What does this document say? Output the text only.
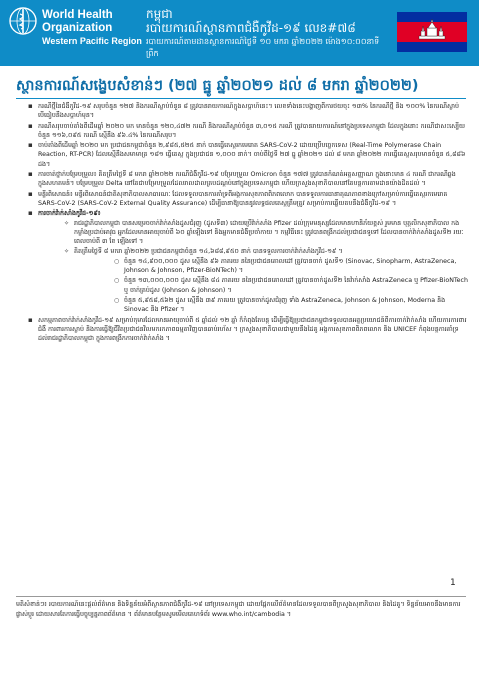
World Health
Organization
Western Pacific Region
កម្ពុជា
របាយការណ៍ស្ថានភាពជំងឺកូវីដ-១៩ លេខ#៧៨
របាយការណ៍តាមដានស្ថានការណ៍ថ្ងៃទី ១០ មករា ឆ្នាំ២០២២ ម៉ោង១០:០០នាទីព្រឹក
ស្ថានការណ៍សង្ខេបសំខាន់ៗ (២៧ ធ្នូ ឆ្នាំ២០២១ ដល់ ៨ មករា ឆ្នាំ២០២២)
▪ ករណីថ្មីនៃជំងឺកូវីដ-១៩ សរុបចំនួន ១២៧ និងករណីស្លាប់ចំនួន ៨ ត្រូវបានរាយការណ៍ក្នុងសប្តាហ៍នេះ។ លេខទាំងនេះបង្ហាញពីការថយចុះ ១៣% នៃករណីថ្មី និង ១០០% នៃករណីស្លាប់ បើធៀបនឹងសប្តាហ៍មុន។
▪ ករណីសរុបចាប់តាំងពីដើមឆ្នាំ ២០២០ មក មានចំនួន ១២០,៤៧២ ករណី និងករណីស្លាប់ចំនួន ៣,០១៥ ករណី ត្រូវបានរាយការណ៍នៅក្នុងប្រទេសកម្ពុជា ដែលក្នុងនោះ ករណីជាសះស្បើយចំនួន ១១៦,០៩៥ ករណី ស្មើនឹង ៩៦.៤% នៃករណីសរុប។
▪ ចាប់តាំងពីដើមឆ្នាំ ២០២០ មក ប្រជាជនកម្ពុជាចំនួន ២,៩៨៥,៥២៥ នាក់ បានធ្វើតេស្តរកមេរោគ SARS-CoV-2 ដោយប្រើបច្ចេកទេស (Real-Time Polymerase Chain Reaction, RT-PCR) ដែលស្មើនឹងសមាមាត្រ ១៨១ ធ្វើតេស្ត ក្នុងប្រជាជន ១,០០០ នាក់។ ចាប់ពីថ្ងៃទី ២៧ ធ្នូ ឆ្នាំ២០២១ ដល់ ៨ មករា ឆ្នាំ២០២២ ការធ្វើតេស្តសរុបមានចំនួន ៥,៨៨៦ ដង។
▪ ការចាត់ថ្នាក់បម្រែបម្រួល៖ គិតត្រឹមថ្ងៃទី ៨ មករា ឆ្នាំ២០២២ ករណីជំងឺកូវីដ-១៩ បម្រែបម្រួល Omicron ចំនួន ១៧៧ ត្រូវបានកំណត់អត្តសញ្ញាណ ក្នុងនោះមាន ៤ ករណី ជាករណីឆ្លងក្នុងសហគមន៍។ បម្រែបម្រួល Delta នៅតែជាបម្រែបម្រួលដែលរាលដាលគ្របដណ្តប់នៅក្នុងប្រទេសកម្ពុជា ហើយក្រសួងសុខាភិបាលនៅតែបន្តការតាមដានយ៉ាងដិតដល់ ។
▪ មន្ទីរពិសោធន៍៖ មន្ទីរពិសោធន៍ជាតិសុខាភិបាលសាធារណៈ ដែលទទួលបានការគាំទ្រពីអង្គការសុខភាពពិភពលោក បានទទួលការធានាគុណភាពខាងក្រៅសម្រាប់ការធ្វើតេស្តរកមេរោគ SARS-CoV-2 (SARS-CoV-2 External Quality Assurance) ដើម្បីធានាឱ្យបាននូវលទ្ធផលតេស្តត្រឹមត្រូវ សម្រាប់ការឆ្លើយតបនឹងជំងឺកូវីដ-១៩ ។
▪ ការចាក់វ៉ាក់សាំងកូវីដ-១៩៖
✧ រាជរដ្ឋាភិបាលកម្ពុជា បានសម្រេចចាក់វ៉ាក់សាំងដូសជំរុញ (ដូសទី៣) ដោយប្រើវ៉ាក់សាំង Pfizer ដល់ក្រុមមនុស្សដែលមានហានិភ័យខ្ពស់ រួមមាន បុគ្គលិកសុខាភិបាល កងកម្លាំងប្រដាប់អាវុធ អ្នកដែលមានអាយុចាប់ពី ៦០ ឆ្នាំឡើងទៅ និងអ្នកមានជំងឺប្រចាំកាយ ។ កម្មវិធីនេះ ត្រូវបានពង្រីកដល់ប្រជាជនទូទៅ ដែលបានចាក់វ៉ាក់សាំងដូសទី២ រយៈពេលចាប់ពី ៣ ខែ ឡើងទៅ ។
✧ គិតត្រឹមថ្ងៃទី ៨ មករា ឆ្នាំ២០២២ ប្រជាជនកម្ពុជាចំនួន ១៤,៦៨៨,៩៥០ នាក់ បានទទួលការចាក់វ៉ាក់សាំងកូវីដ-១៩ ។
○ ចំនួន ១៤,៩០០,០០០ ដូស ស្មើនឹង ៩៦ ភាគរយ ននៃប្រជាជនគោលដៅ ត្រូវបានចាក់ ដូសទី១ (Sinovac, Sinopharm, AstraZeneca, Johnson & Johnson, Pfizer-BioNTech) ។
○ ចំនួន ១៣,០០០,០០០ ដូស ស្មើនឹង ៨៤ ភាគរយ ននៃប្រជាជនគោលដៅ ត្រូវបានចាក់ដូសទី២ នៃវ៉ាក់សាំង AstraZeneca ឬ Pfizer-BioNTech ឬ ចាក់គ្រប់ដូស (Johnson & Johnson) ។
○ ចំនួន ៥,៩៥៨,៥៦២ ដូស ស្មើនឹង ៣៩ ភាគរយ ត្រូវបានចាក់ដូសជំរុញ ទាំង AstraZeneca, Johnson & Johnson, Moderna និង Sinovac និង Pfizer ។
▪ សកម្មភាពចាក់វ៉ាក់សាំងកូវីដ-១៩ សម្រាប់កុមារដែលមានអាយុចាប់ពី ៥ ឆ្នាំដល់ ១២ ឆ្នាំ ក៏កំពុងតែបន្ត ដើម្បីធ្វើឱ្យប្រជាជនកម្ពុជាទទួលបានអត្ថប្រយោជន៍ពីការចាក់វ៉ាក់សាំង ហើយការការពារជំងឺ ការពារការស្លាប់ និងការធ្វើឱ្យជីវិតប្រជាជនវិលមករកភាពធម្មតាវិញបានឆាប់រហ័ស ។ ក្រសួងសុខាភិបាលជាមួយនឹងដៃគូ អង្គការសុខភាពពិភពលោក និង UNICEF កំពុងបន្តការគាំទ្រ ដល់រាជរដ្ឋាភិបាលកម្ពុជា ក្នុងការពង្រីកការចាក់វ៉ាក់សាំង ។
1
មតិសំខាន់ៗ៖ របាយការណ៍នេះផ្តល់ព័ត៌មាន និងទិន្នន័យអំពីស្ថានភាពជំងឺកូវីដ-១៩ នៅប្រទេសកម្ពុជា ដោយផ្អែកលើព័ត៌មានដែលទទួលបានពីក្រសួងសុខាភិបាល និងដៃគូ។ ទិន្នន័យអាចនឹងមានការផ្លាស់ប្តូរ ដោយសារតែការធ្វើបច្ចុប្បន្នភាពព័ត៌មាន ។ ព័ត៌មានបន្ថែមសូមមើលគេហទំព័រ www.who.int/cambodia ។
